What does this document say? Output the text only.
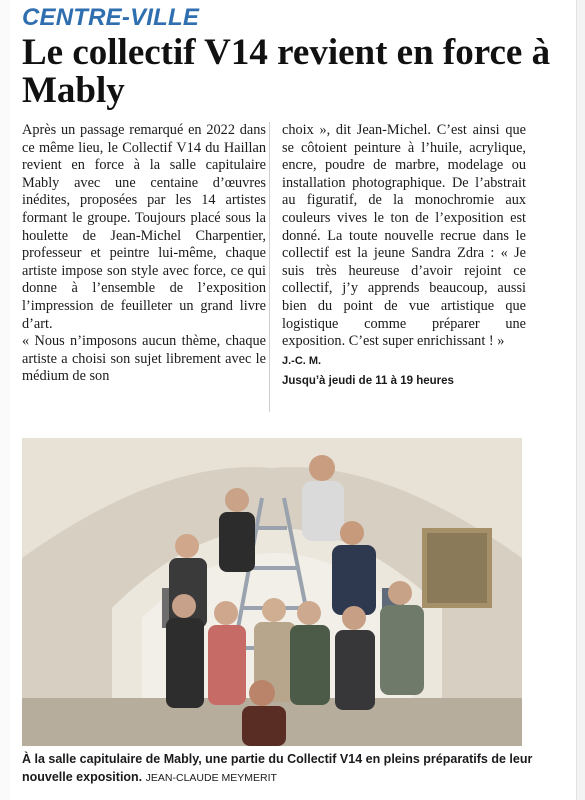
CENTRE-VILLE
Le collectif V14 revient en force à Mably

Après un passage remarqué en 2022 dans ce même lieu, le Collectif V14 du Haillan revient en force à la salle capitulaire Mably avec une centaine d’œuvres inédites, proposées par les 14 artistes formant le groupe. Toujours placé sous la houlette de Jean-Michel Charpentier, professeur et peintre lui-même, chaque artiste impose son style avec force, ce qui donne à l’ensemble de l’exposition l’impression de feuilleter un grand livre d’art.

« Nous n’imposons aucun thème, chaque artiste a choisi son sujet librement avec le médium de son

choix », dit Jean-Michel. C’est ainsi que se côtoient peinture à l’huile, acrylique, encre, poudre de marbre, modelage ou installation photographique. De l’abstrait au figuratif, de la monochromie aux couleurs vives le ton de l’exposition est donné. La toute nouvelle recrue dans le collectif est la jeune Sandra Zdra : « Je suis très heureuse d’avoir rejoint ce collectif, j’y apprends beaucoup, aussi bien du point de vue artistique que logistique comme préparer une exposition. C’est super enrichissant ! »

J.-C. M.
Jusqu’à jeudi de 11 à 19 heures
À la salle capitulaire de Mably, une partie du Collectif V14 en pleins préparatifs de leur nouvelle exposition. JEAN-CLAUDE MEYMERIT
